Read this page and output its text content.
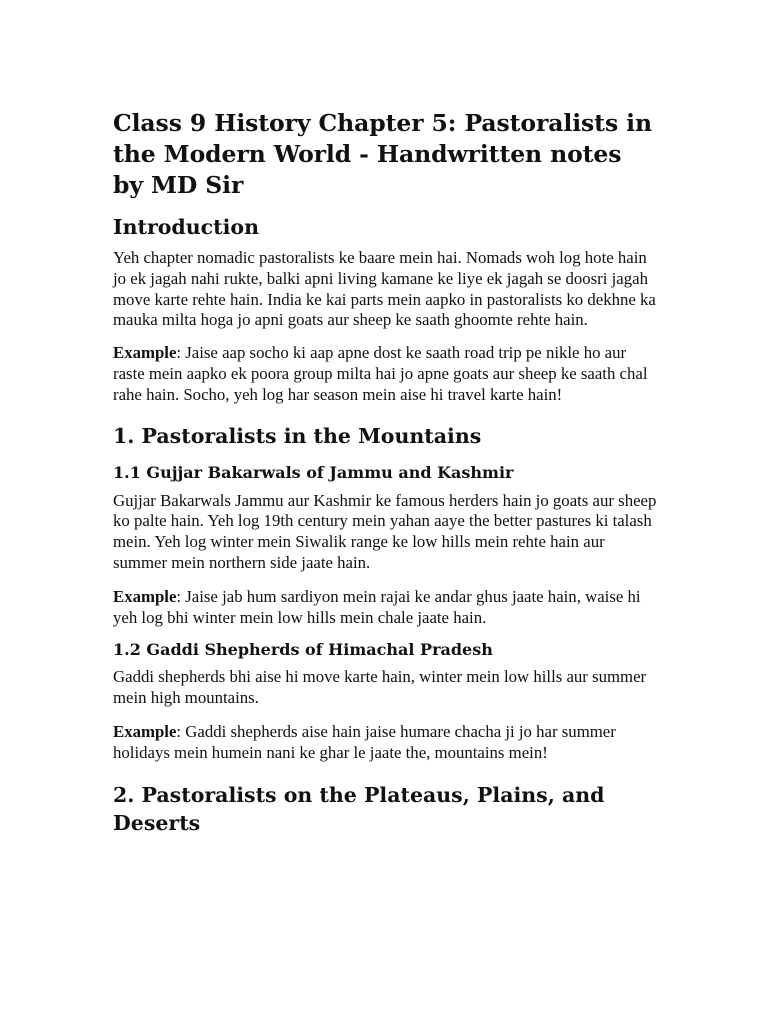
Class 9 History Chapter 5: Pastoralists in the Modern World - Handwritten notes by MD Sir
Introduction

Yeh chapter nomadic pastoralists ke baare mein hai. Nomads woh log hote hain jo ek jagah nahi rukte, balki apni living kamane ke liye ek jagah se doosri jagah move karte rehte hain. India ke kai parts mein aapko in pastoralists ko dekhne ka mauka milta hoga jo apni goats aur sheep ke saath ghoomte rehte hain.

Example: Jaise aap socho ki aap apne dost ke saath road trip pe nikle ho aur raste mein aapko ek poora group milta hai jo apne goats aur sheep ke saath chal rahe hain. Socho, yeh log har season mein aise hi travel karte hain!

1. Pastoralists in the Mountains
1.1 Gujjar Bakarwals of Jammu and Kashmir

Gujjar Bakarwals Jammu aur Kashmir ke famous herders hain jo goats aur sheep ko palte hain. Yeh log 19th century mein yahan aaye the better pastures ki talash mein. Yeh log winter mein Siwalik range ke low hills mein rehte hain aur summer mein northern side jaate hain.

Example: Jaise jab hum sardiyon mein rajai ke andar ghus jaate hain, waise hi yeh log bhi winter mein low hills mein chale jaate hain.

1.2 Gaddi Shepherds of Himachal Pradesh

Gaddi shepherds bhi aise hi move karte hain, winter mein low hills aur summer mein high mountains.

Example: Gaddi shepherds aise hain jaise humare chacha ji jo har summer holidays mein humein nani ke ghar le jaate the, mountains mein!

2. Pastoralists on the Plateaus, Plains, and Deserts
